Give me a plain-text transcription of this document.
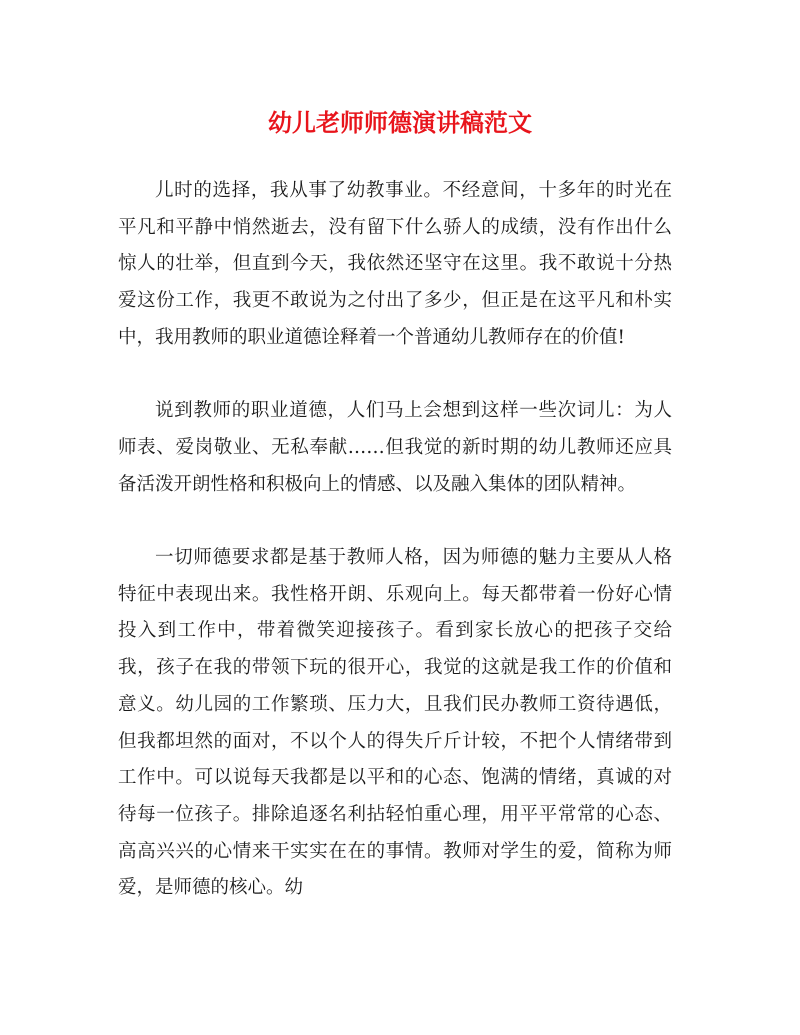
幼儿老师师德演讲稿范文

儿时的选择，我从事了幼教事业。不经意间，十多年的时光在平凡和平静中悄然逝去，没有留下什么骄人的成绩，没有作出什么惊人的壮举，但直到今天，我依然还坚守在这里。我不敢说十分热爱这份工作，我更不敢说为之付出了多少，但正是在这平凡和朴实中，我用教师的职业道德诠释着一个普通幼儿教师存在的价值!

说到教师的职业道德，人们马上会想到这样一些次词儿：为人师表、爱岗敬业、无私奉献……但我觉的新时期的幼儿教师还应具备活泼开朗性格和积极向上的情感、以及融入集体的团队精神。

一切师德要求都是基于教师人格，因为师德的魅力主要从人格特征中表现出来。我性格开朗、乐观向上。每天都带着一份好心情投入到工作中，带着微笑迎接孩子。看到家长放心的把孩子交给我，孩子在我的带领下玩的很开心，我觉的这就是我工作的价值和意义。幼儿园的工作繁琐、压力大，且我们民办教师工资待遇低，但我都坦然的面对，不以个人的得失斤斤计较，不把个人情绪带到工作中。可以说每天我都是以平和的心态、饱满的情绪，真诚的对待每一位孩子。排除追逐名利拈轻怕重心理，用平平常常的心态、高高兴兴的心情来干实实在在的事情。教师对学生的爱，简称为师爱，是师德的核心。幼
